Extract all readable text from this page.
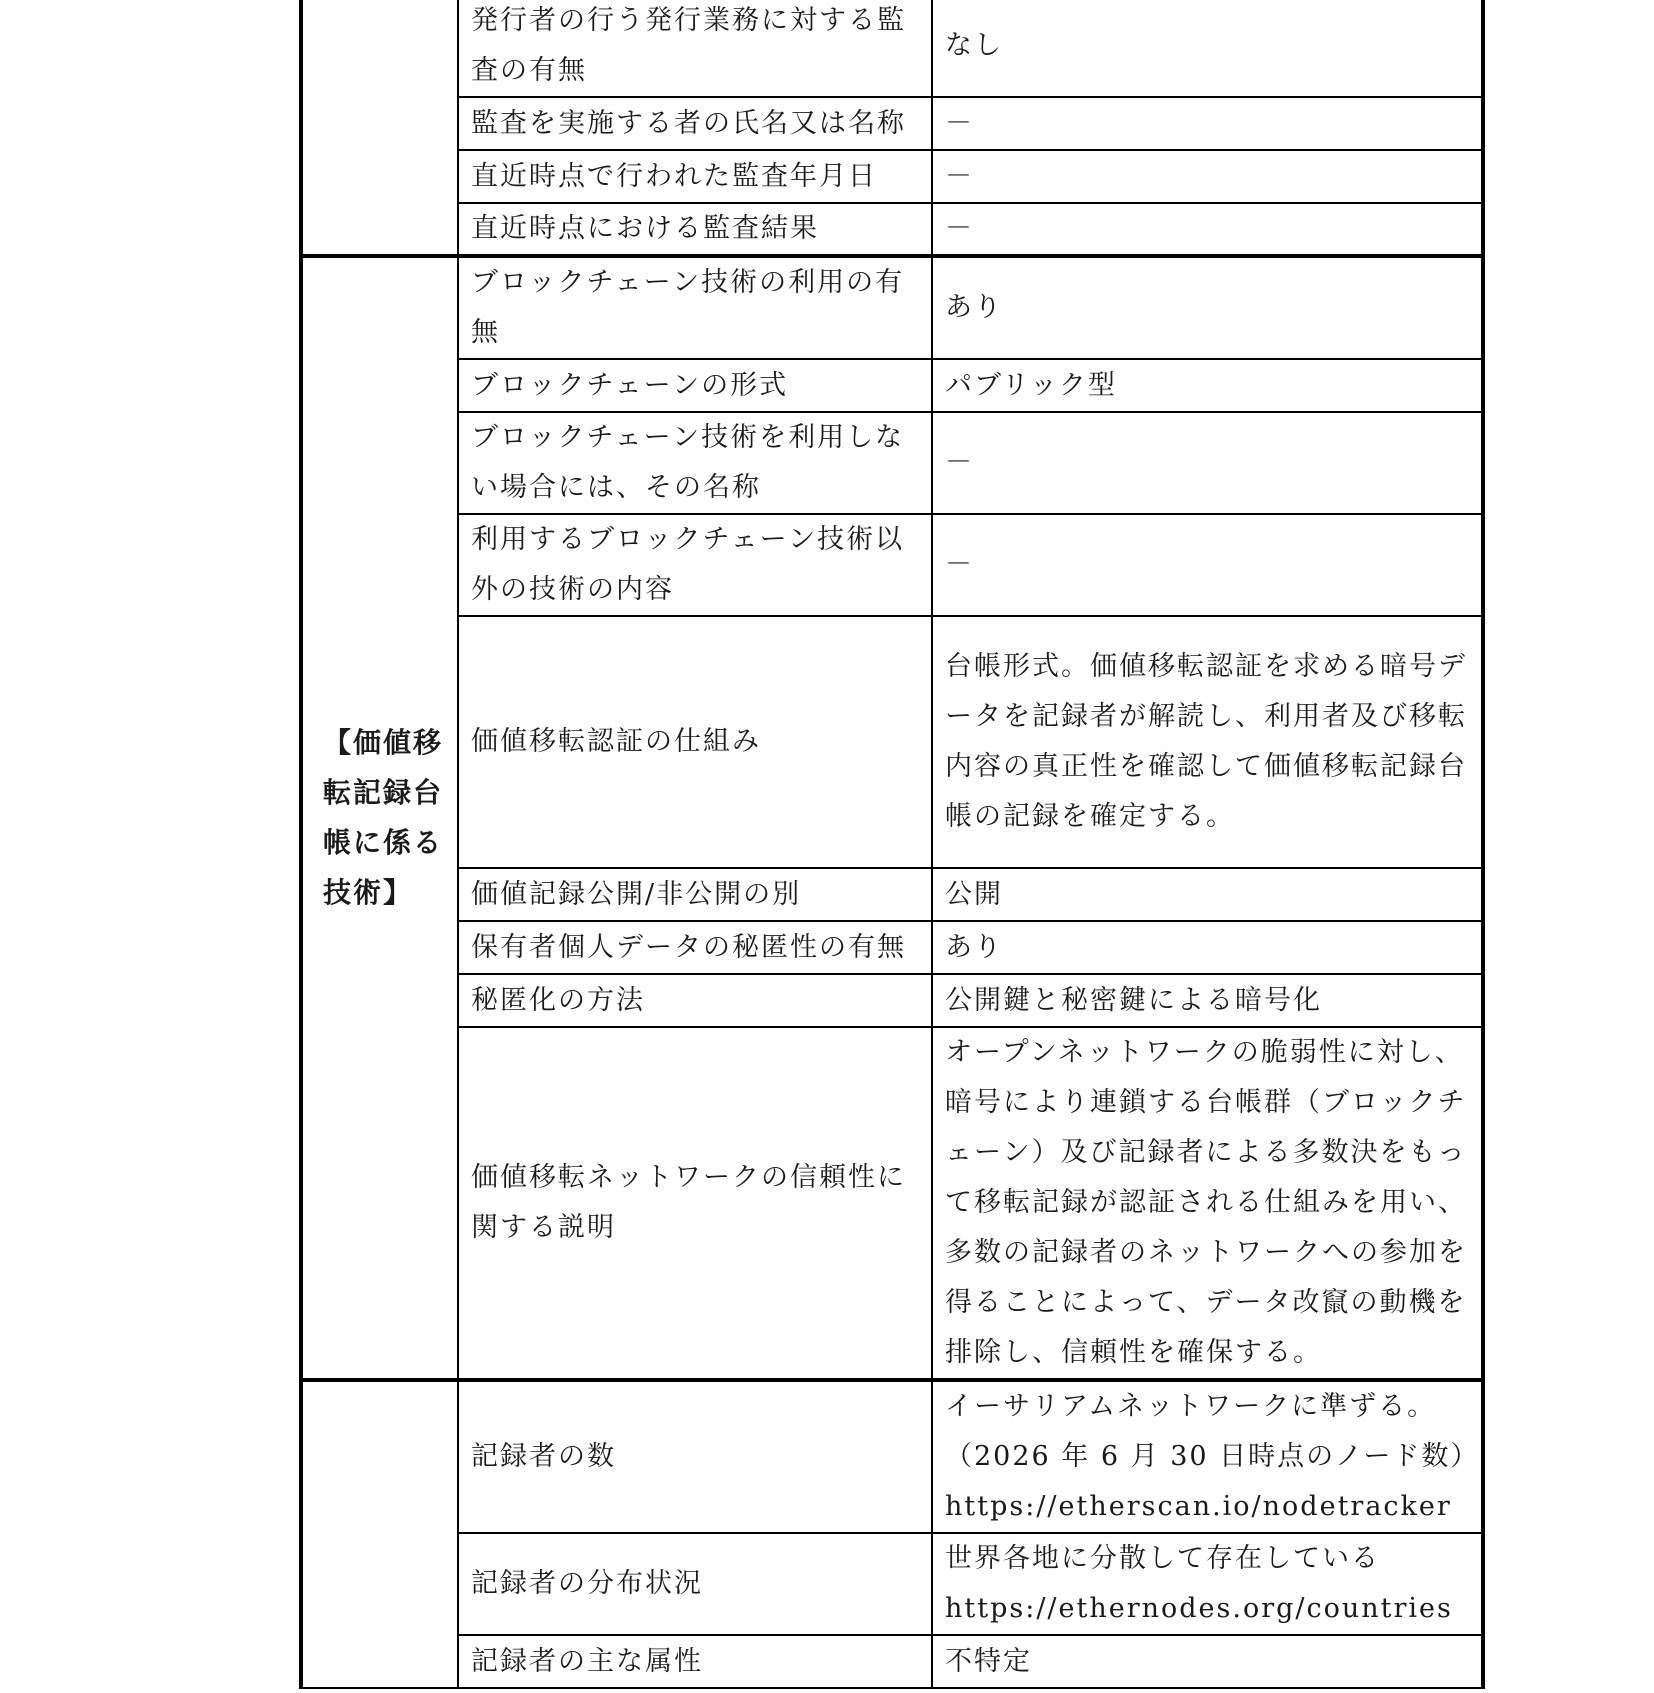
	発行者の行う発行業務に対する監査の有無	なし
	監査を実施する者の氏名又は名称	－
	直近時点で行われた監査年月日	－
	直近時点における監査結果	－
【価値移転記録台帳に係る技術】	ブロックチェーン技術の利用の有無	あり
	ブロックチェーンの形式	パブリック型
	ブロックチェーン技術を利用しない場合には、その名称	－
	利用するブロックチェーン技術以外の技術の内容	－
	価値移転認証の仕組み	台帳形式。価値移転認証を求める暗号データを記録者が解読し、利用者及び移転内容の真正性を確認して価値移転記録台帳の記録を確定する。
	価値記録公開/非公開の別	公開
	保有者個人データの秘匿性の有無	あり
	秘匿化の方法	公開鍵と秘密鍵による暗号化
	価値移転ネットワークの信頼性に関する説明	オープンネットワークの脆弱性に対し、暗号により連鎖する台帳群（ブロックチェーン）及び記録者による多数決をもって移転記録が認証される仕組みを用い、多数の記録者のネットワークへの参加を得ることによって、データ改竄の動機を排除し、信頼性を確保する。
	記録者の数	イーサリアムネットワークに準ずる。
（2026 年 6 月 30 日時点のノード数）
https://etherscan.io/nodetracker

	記録者の分布状況	世界各地に分散して存在している
https://ethernodes.org/countries

	記録者の主な属性	不特定
